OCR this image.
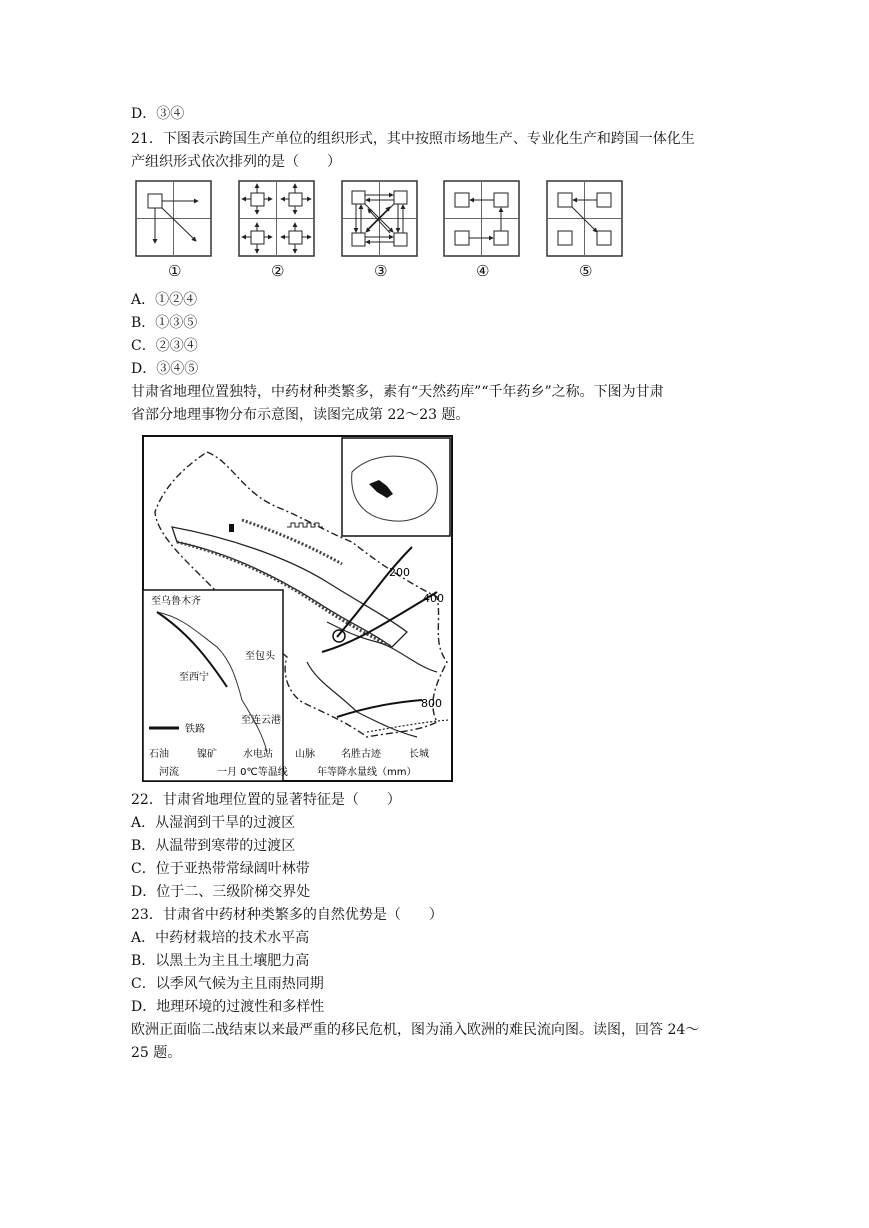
D．③④
21．下图表示跨国生产单位的组织形式，其中按照市场地生产、专业化生产和跨国一体化生
产组织形式依次排列的是（　　）
①	②	③	④	⑤
A．①②④
B．①③⑤
C．②③④
D．③④⑤
甘肃省地理位置独特，中药材种类繁多，素有“天然药库”“千年药乡”之称。下图为甘肃
省部分地理事物分布示意图，读图完成第 22～23 题。
200
400
800
至乌鲁木齐
至包头
至西宁
至连云港
铁路
石油	镍矿	水电站 山脉	名胜古迹	长城
河流	一月 0℃等温线	年等降水量线（mm）
22．甘肃省地理位置的显著特征是（　　）
A．从湿润到干旱的过渡区
B．从温带到寒带的过渡区
C．位于亚热带常绿阔叶林带
D．位于二、三级阶梯交界处
23．甘肃省中药材种类繁多的自然优势是（　　）
A．中药材栽培的技术水平高
B．以黑土为主且土壤肥力高
C．以季风气候为主且雨热同期
D．地理环境的过渡性和多样性
欧洲正面临二战结束以来最严重的移民危机，图为涌入欧洲的难民流向图。读图，回答 24～
25 题。
